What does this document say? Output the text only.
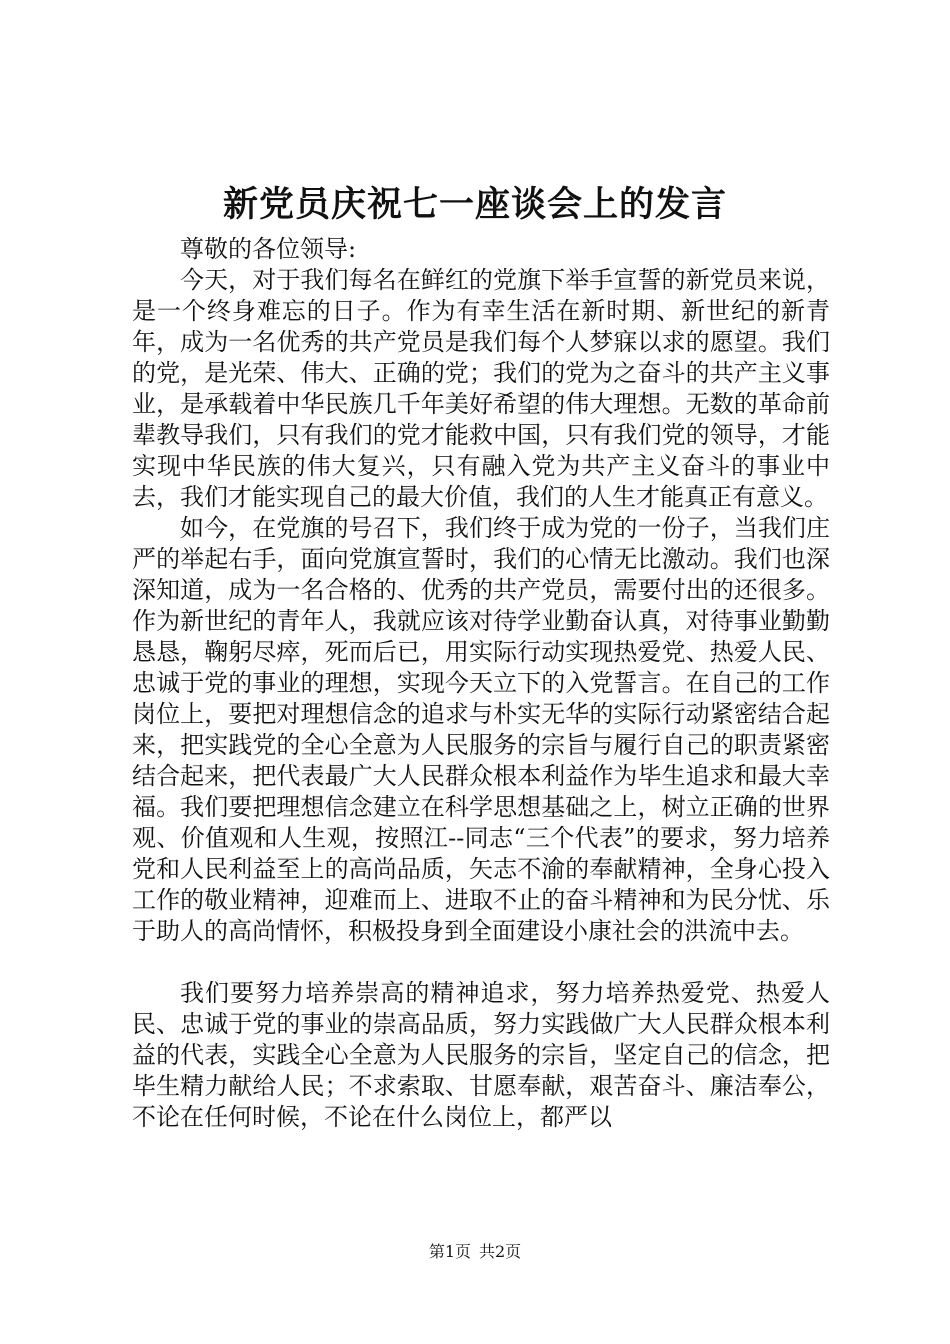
新党员庆祝七一座谈会上的发言

尊敬的各位领导:

今天，对于我们每名在鲜红的党旗下举手宣誓的新党员来说，是一个终身难忘的日子。作为有幸生活在新时期、新世纪的新青年，成为一名优秀的共产党员是我们每个人梦寐以求的愿望。我们的党，是光荣、伟大、正确的党；我们的党为之奋斗的共产主义事业，是承载着中华民族几千年美好希望的伟大理想。无数的革命前辈教导我们，只有我们的党才能救中国，只有我们党的领导，才能实现中华民族的伟大复兴，只有融入党为共产主义奋斗的事业中去，我们才能实现自己的最大价值，我们的人生才能真正有意义。

如今，在党旗的号召下，我们终于成为党的一份子，当我们庄严的举起右手，面向党旗宣誓时，我们的心情无比激动。我们也深深知道，成为一名合格的、优秀的共产党员，需要付出的还很多。作为新世纪的青年人，我就应该对待学业勤奋认真，对待事业勤勤恳恳，鞠躬尽瘁，死而后已，用实际行动实现热爱党、热爱人民、忠诚于党的事业的理想，实现今天立下的入党誓言。在自己的工作岗位上，要把对理想信念的追求与朴实无华的实际行动紧密结合起来，把实践党的全心全意为人民服务的宗旨与履行自己的职责紧密结合起来，把代表最广大人民群众根本利益作为毕生追求和最大幸福。我们要把理想信念建立在科学思想基础之上，树立正确的世界观、价值观和人生观，按照江--同志“三个代表”的要求，努力培养党和人民利益至上的高尚品质，矢志不渝的奉献精神，全身心投入工作的敬业精神，迎难而上、进取不止的奋斗精神和为民分忧、乐于助人的高尚情怀，积极投身到全面建设小康社会的洪流中去。

我们要努力培养崇高的精神追求，努力培养热爱党、热爱人民、忠诚于党的事业的崇高品质，努力实践做广大人民群众根本利益的代表，实践全心全意为人民服务的宗旨，坚定自己的信念，把毕生精力献给人民；不求索取、甘愿奉献，艰苦奋斗、廉洁奉公，不论在任何时候，不论在什么岗位上，都严以

第1页 共2页
